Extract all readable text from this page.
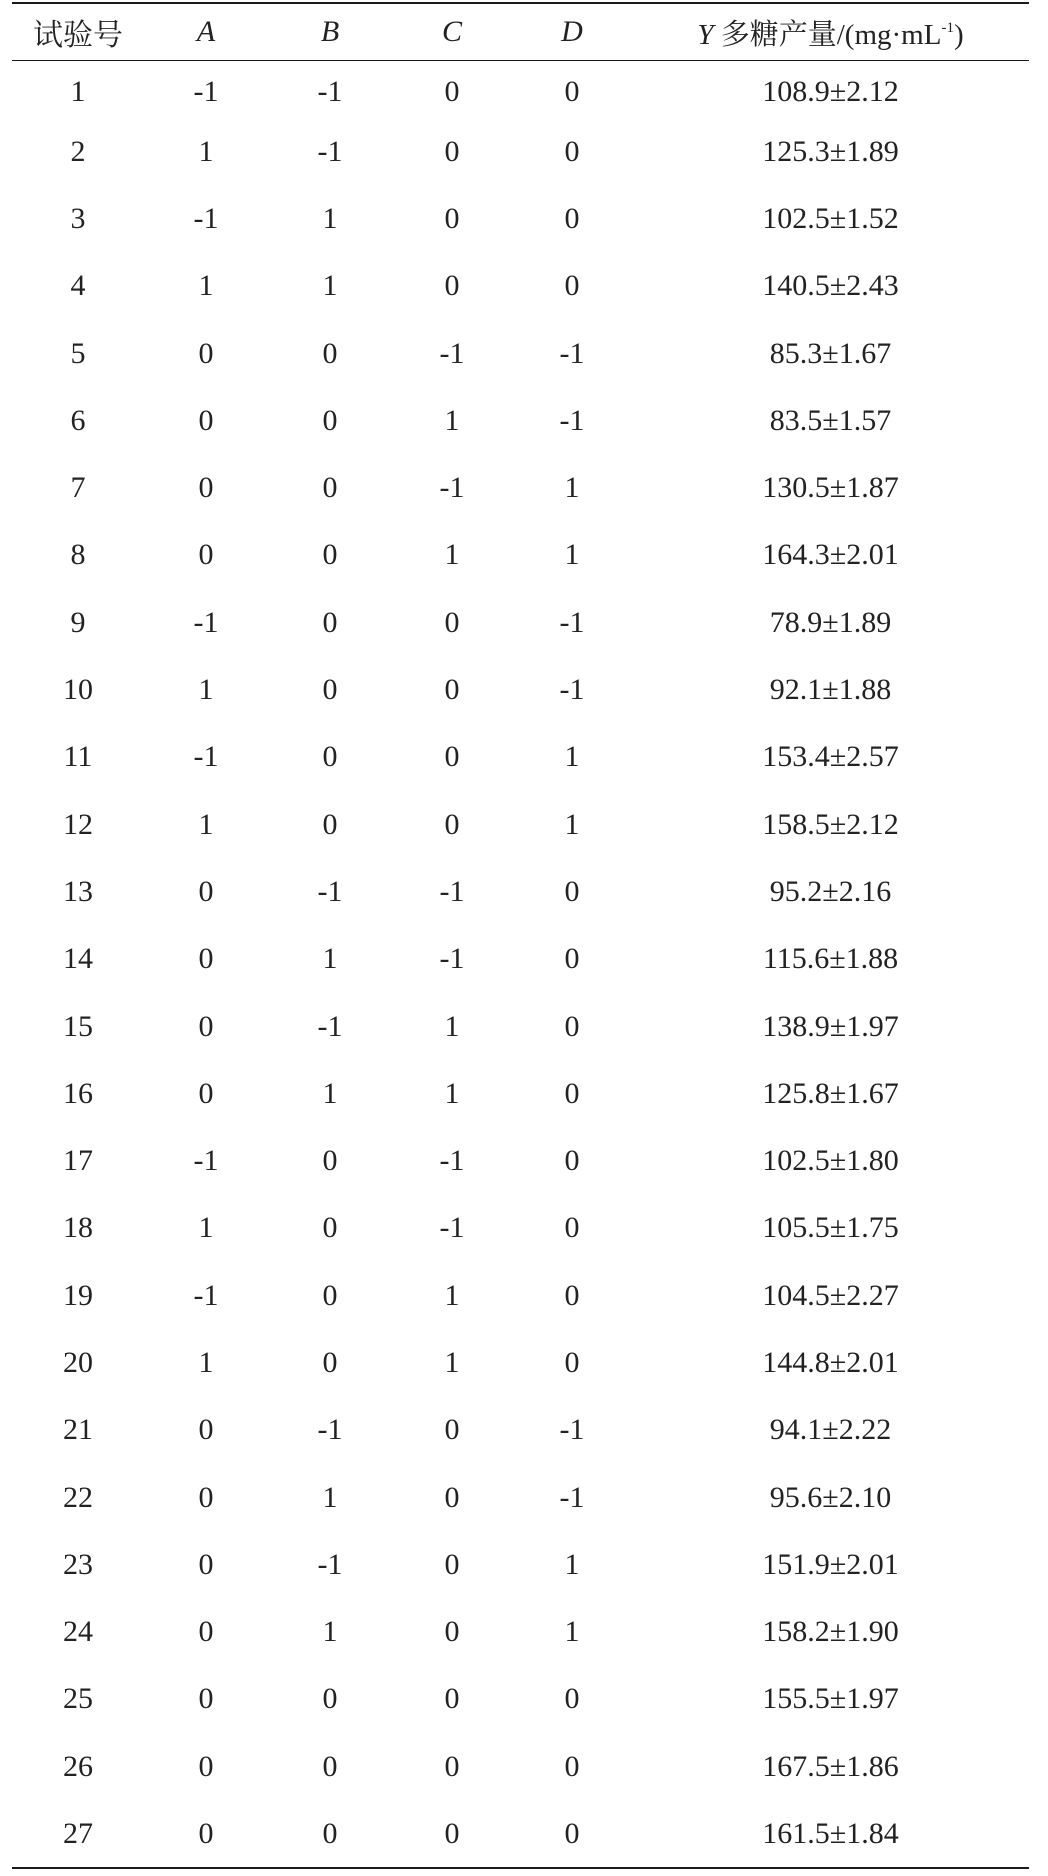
试验号	A	B	C	D	Y 多糖产量$/(mg\cdot mL^{-1})$
1	-1	-1	0	0	108.9±2.12
2	1	-1	0	0	125.3±1.89
3	-1	1	0	0	102.5±1.52
4	1	1	0	0	140.5±2.43
5	0	0	-1	-1	85.3±1.67
6	0	0	1	-1	83.5±1.57
7	0	0	-1	1	130.5±1.87
8	0	0	1	1	164.3±2.01
9	-1	0	0	-1	78.9±1.89
10	1	0	0	-1	92.1±1.88
11	-1	0	0	1	153.4±2.57
12	1	0	0	1	158.5±2.12
13	0	-1	-1	0	95.2±2.16
14	0	1	-1	0	115.6±1.88
15	0	-1	1	0	138.9±1.97
16	0	1	1	0	125.8±1.67
17	-1	0	-1	0	102.5±1.80
18	1	0	-1	0	105.5±1.75
19	-1	0	1	0	104.5±2.27
20	1	0	1	0	144.8±2.01
21	0	-1	0	-1	94.1±2.22
22	0	1	0	-1	95.6±2.10
23	0	-1	0	1	151.9±2.01
24	0	1	0	1	158.2±1.90
25	0	0	0	0	155.5±1.97
26	0	0	0	0	167.5±1.86
27	0	0	0	0	161.5±1.84
